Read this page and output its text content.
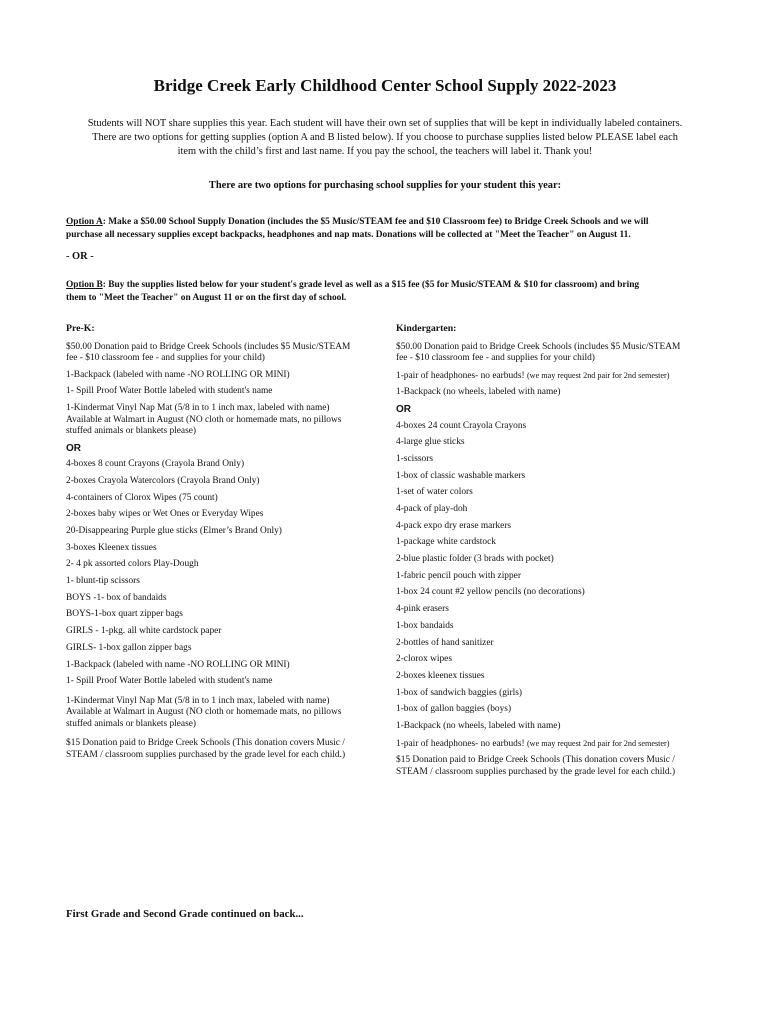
Bridge Creek Early Childhood Center School Supply 2022-2023
Students will NOT share supplies this year. Each student will have their own set of supplies that will be kept in individually labeled containers.
There are two options for getting supplies (option A and B listed below). If you choose to purchase supplies listed below PLEASE label each
item with the child’s first and last name. If you pay the school, the teachers will label it. Thank you!
There are two options for purchasing school supplies for your student this year:
Option A: Make a $50.00 School Supply Donation (includes the $5 Music/STEAM fee and $10 Classroom fee) to Bridge Creek Schools and we will
purchase all necessary supplies except backpacks, headphones and nap mats. Donations will be collected at "Meet the Teacher" on August 11.
- OR -
Option B: Buy the supplies listed below for your student's grade level as well as a $15 fee ($5 for Music/STEAM & $10 for classroom) and bring
them to "Meet the Teacher" on August 11 or on the first day of school.
Pre-K:
$50.00 Donation paid to Bridge Creek Schools (includes $5 Music/STEAM
fee - $10 classroom fee - and supplies for your child)
1-Backpack (labeled with name -NO ROLLING OR MINI)
1- Spill Proof Water Bottle labeled with student's name
1-Kindermat Vinyl Nap Mat (5/8 in to 1 inch max, labeled with name)
Available at Walmart in August (NO cloth or homemade mats, no pillows
stuffed animals or blankets please)
OR
4-boxes 8 count Crayons (Crayola Brand Only)
2-boxes Crayola Watercolors (Crayola Brand Only)
4-containers of Clorox Wipes (75 count)
2-boxes baby wipes or Wet Ones or Everyday Wipes
20-Disappearing Purple glue sticks (Elmer’s Brand Only)
3-boxes Kleenex tissues
2- 4 pk assorted colors Play-Dough
1- blunt-tip scissors
BOYS -1- box of bandaids
BOYS-1-box quart zipper bags
GIRLS - 1-pkg. all white cardstock paper
GIRLS- 1-box gallon zipper bags
1-Backpack (labeled with name -NO ROLLING OR MINI)
1- Spill Proof Water Bottle labeled with student's name
1-Kindermat Vinyl Nap Mat (5/8 in to 1 inch max, labeled with name)
Available at Walmart in August (NO cloth or homemade mats, no pillows
stuffed animals or blankets please)
$15 Donation paid to Bridge Creek Schools (This donation covers Music /
STEAM / classroom supplies purchased by the grade level for each child.)
Kindergarten:
$50.00 Donation paid to Bridge Creek Schools (includes $5 Music/STEAM
fee - $10 classroom fee - and supplies for your child)
1-pair of headphones- no earbuds! (we may request 2nd pair for 2nd semester)
1-Backpack (no wheels, labeled with name)
OR
4-boxes 24 count Crayola Crayons
4-large glue sticks
1-scissors
1-box of classic washable markers
1-set of water colors
4-pack of play-doh
4-pack expo dry erase markers
1-package white cardstock
2-blue plastic folder (3 brads with pocket)
1-fabric pencil pouch with zipper
1-box 24 count #2 yellow pencils (no decorations)
4-pink erasers
1-box bandaids
2-bottles of hand sanitizer
2-clorox wipes
2-boxes kleenex tissues
1-box of sandwich baggies (girls)
1-box of gallon baggies (boys)
1-Backpack (no wheels, labeled with name)
1-pair of headphones- no earbuds! (we may request 2nd pair for 2nd semester)
$15 Donation paid to Bridge Creek Schools (This donation covers Music /
STEAM / classroom supplies purchased by the grade level for each child.)
First Grade and Second Grade continued on back...
